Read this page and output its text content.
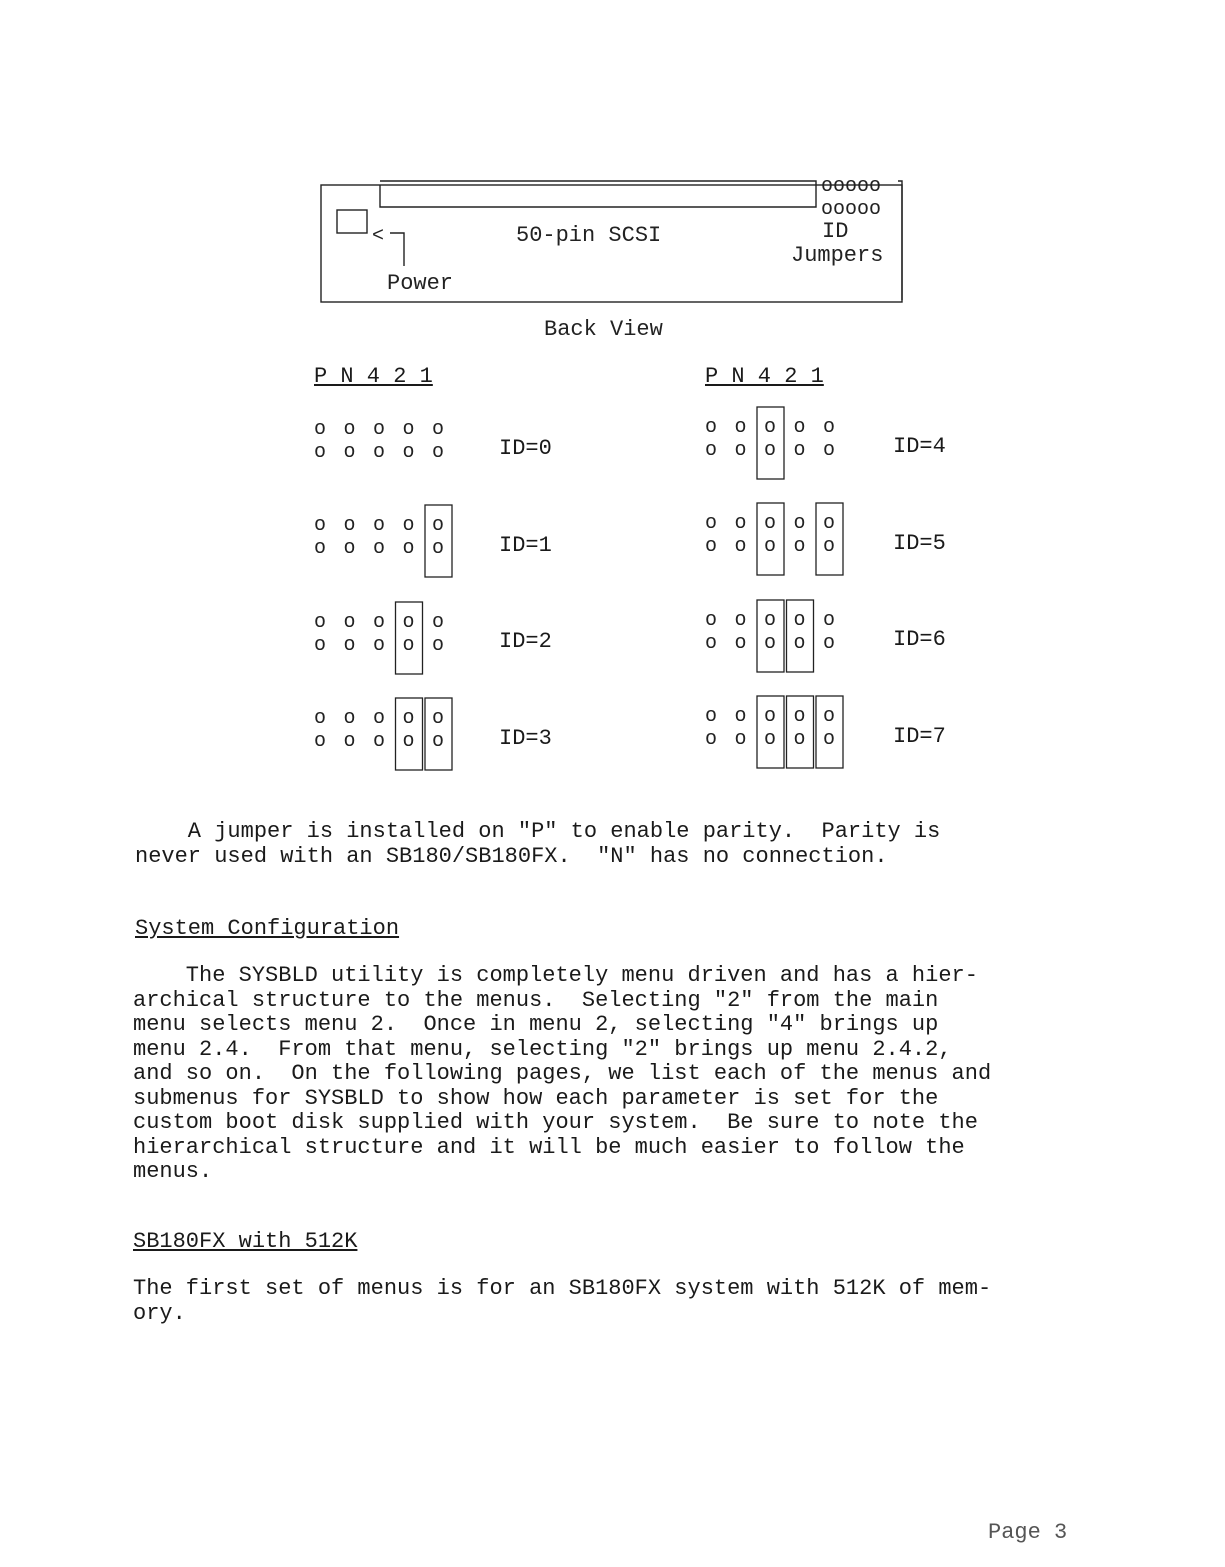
ooooo
ooooo
<	50-pin SCSI	ID
Jumpers
Power
Back View
P N 4 2 1	P N 4 2 1
o o o o o
o o o o o
o o o o o
o o o o o
o o o o o
o o o o o
o o o o o
o o o o o
o o o o o
o o o o o
o o o o o
o o o o o
o o o o o
o o o o o
o o o o o
o o o o o
ID=0
ID=1
ID=2
ID=3
ID=4
ID=5
ID=6
ID=7
A jumper is installed on "P" to enable parity.  Parity is
never used with an SB180/SB180FX.  "N" has no connection.
System Configuration
The SYSBLD utility is completely menu driven and has a hier-
archical structure to the menus.  Selecting "2" from the main
menu selects menu 2.  Once in menu 2, selecting "4" brings up
menu 2.4.  From that menu, selecting "2" brings up menu 2.4.2,
and so on.  On the following pages, we list each of the menus and
submenus for SYSBLD to show how each parameter is set for the
custom boot disk supplied with your system.  Be sure to note the
hierarchical structure and it will be much easier to follow the
menus.
SB180FX with 512K
The first set of menus is for an SB180FX system with 512K of mem-
ory.
Page 3
